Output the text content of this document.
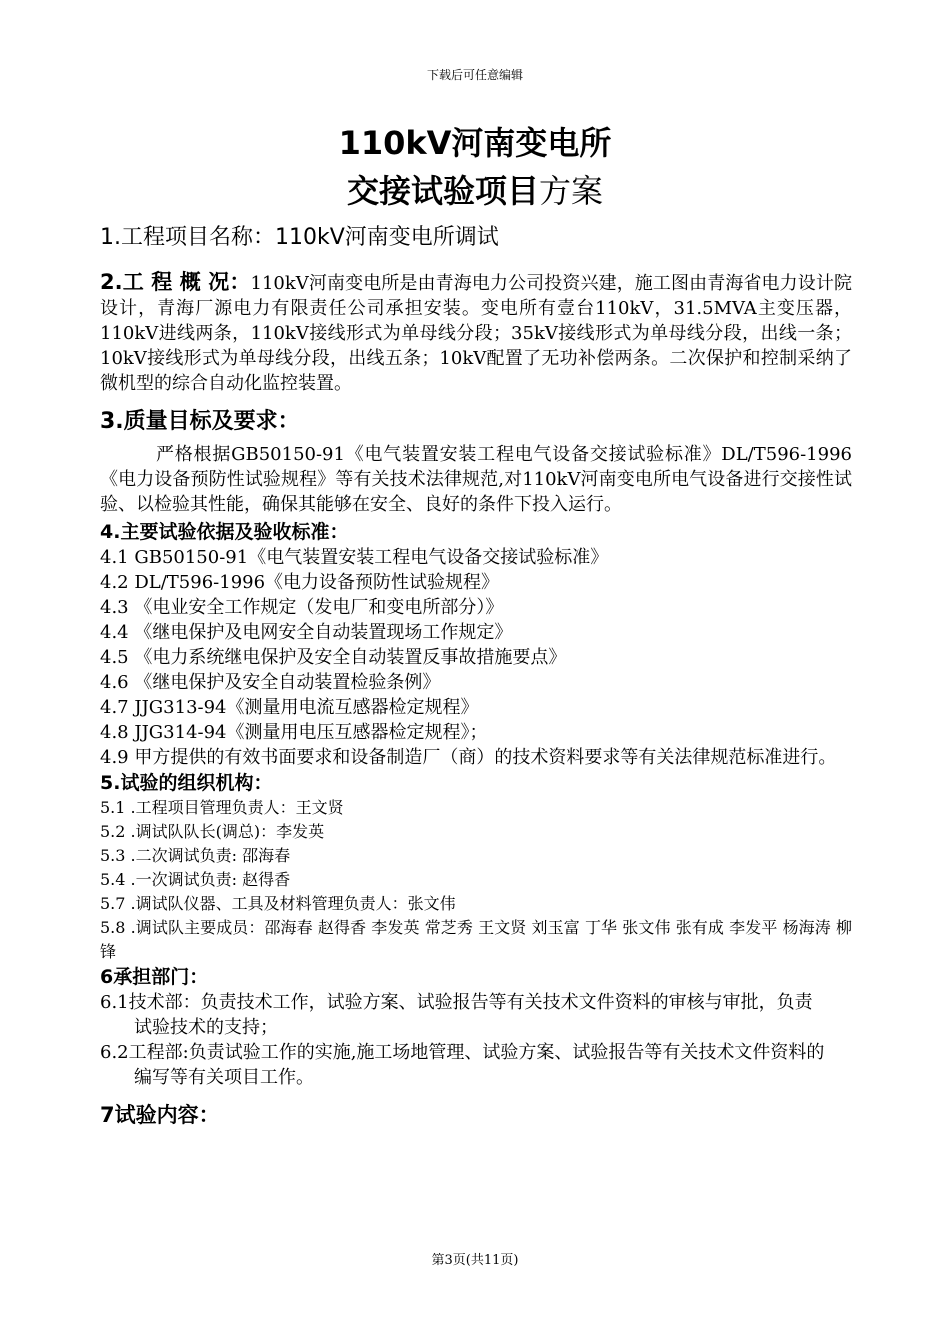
下载后可任意编辑
110kV河南变电所
交接试验项目方案
1.工程项目名称：110kV河南变电所调试
2.工 程 概 况：110kV河南变电所是由青海电力公司投资兴建，施工图由青海省电力设计院设计，青海厂源电力有限责任公司承担安装。变电所有壹台110kV，31.5MVA主变压器，110kV进线两条，110kV接线形式为单母线分段；35kV接线形式为单母线分段，出线一条；10kV接线形式为单母线分段，出线五条；10kV配置了无功补偿两条。二次保护和控制采纳了微机型的综合自动化监控装置。
3.质量目标及要求：
严格根据GB50150-91《电气装置安装工程电气设备交接试验标准》DL/T596-1996《电力设备预防性试验规程》等有关技术法律规范,对110kV河南变电所电气设备进行交接性试验、以检验其性能，确保其能够在安全、良好的条件下投入运行。
4.主要试验依据及验收标准：
4.1 GB50150-91《电气装置安装工程电气设备交接试验标准》
4.2 DL/T596-1996《电力设备预防性试验规程》
4.3 《电业安全工作规定（发电厂和变电所部分）》
4.4 《继电保护及电网安全自动装置现场工作规定》
4.5 《电力系统继电保护及安全自动装置反事故措施要点》
4.6 《继电保护及安全自动装置检验条例》
4.7 JJG313-94《测量用电流互感器检定规程》
4.8 JJG314-94《测量用电压互感器检定规程》；
4.9 甲方提供的有效书面要求和设备制造厂（商）的技术资料要求等有关法律规范标准进行。
5.试验的组织机构：
5.1 .工程项目管理负责人：王文贤
5.2 .调试队队长(调总)：李发英
5.3 .二次调试负责: 邵海春
5.4 .一次调试负责: 赵得香
5.7 .调试队仪器、工具及材料管理负责人：张文伟
5.8 .调试队主要成员：邵海春 赵得香 李发英 常芝秀 王文贤 刘玉富 丁华 张文伟 张有成 李发平 杨海涛 柳 锋
6承担部门：
6.1技术部：负责技术工作，试验方案、试验报告等有关技术文件资料的审核与审批，负责试验技术的支持；
6.2工程部:负责试验工作的实施,施工场地管理、试验方案、试验报告等有关技术文件资料的编写等有关项目工作。
7试验内容：
第3页(共11页)
